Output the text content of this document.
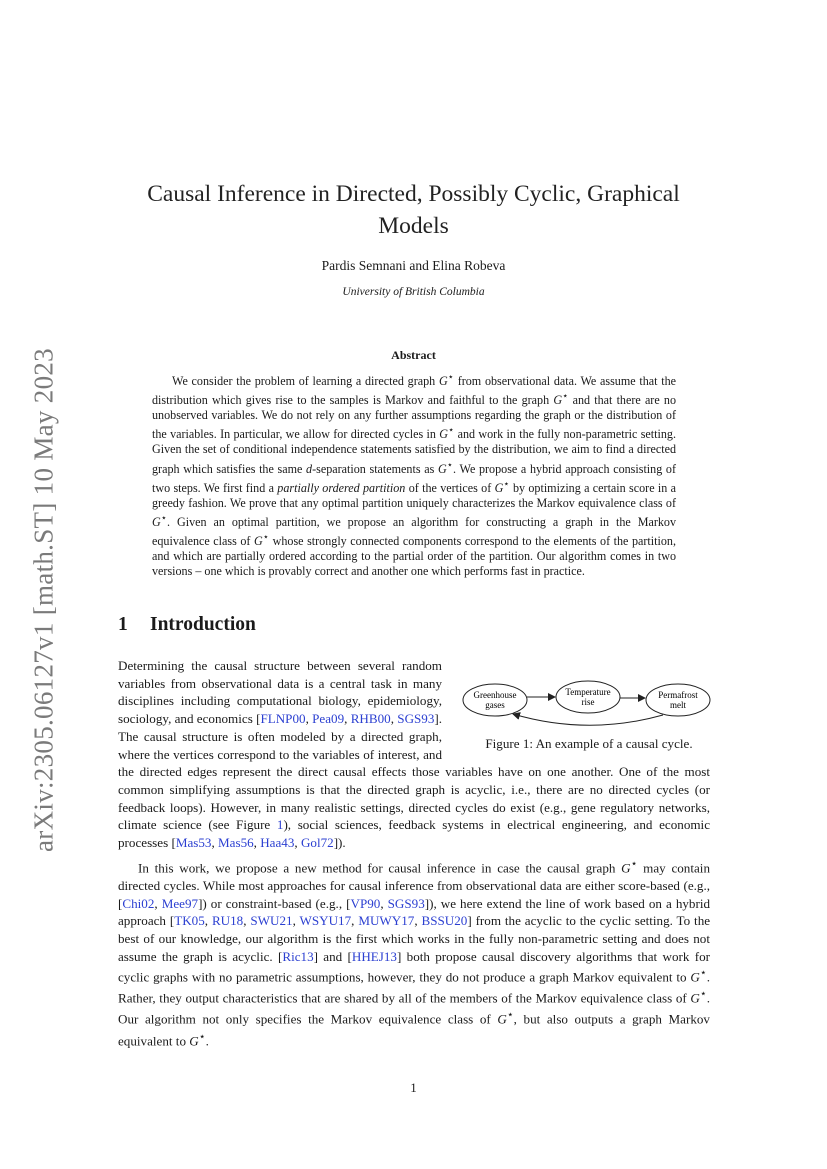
arXiv:2305.06127v1 [math.ST] 10 May 2023
Causal Inference in Directed, Possibly Cyclic, Graphical
Models
Pardis Semnani and Elina Robeva
University of British Columbia
Abstract
We consider the problem of learning a directed graph G⋆ from observational data. We assume that the distribution which gives rise to the samples is Markov and faithful to the graph G⋆ and that there are no unobserved variables. We do not rely on any further assumptions regarding the graph or the distribution of the variables. In particular, we allow for directed cycles in G⋆ and work in the fully non-parametric setting. Given the set of conditional independence statements satisfied by the distribution, we aim to find a directed graph which satisfies the same d-separation statements as G⋆. We propose a hybrid approach consisting of two steps. We first find a partially ordered partition of the vertices of G⋆ by optimizing a certain score in a greedy fashion. We prove that any optimal partition uniquely characterizes the Markov equivalence class of G⋆. Given an optimal partition, we propose an algorithm for constructing a graph in the Markov equivalence class of G⋆ whose strongly connected components correspond to the elements of the partition, and which are partially ordered according to the partial order of the partition. Our algorithm comes in two versions – one which is provably correct and another one which performs fast in practice.
1 Introduction

Determining the causal structure between several random variables from observational data is a central task in many disciplines including computational biology, epidemiology, sociology, and economics [FLNP00, Pea09, RHB00, SGS93]. The causal structure is often modeled by a directed graph, where the vertices correspond to the variables of interest, and the directed edges represent the direct causal effects those variables have on one another. One of the most common simplifying assumptions is that the directed graph is acyclic, i.e., there are no directed cycles (or feedback loops). However, in many realistic settings, directed cycles do exist (e.g., gene regulatory networks, climate science (see Figure 1), social sciences, feedback systems in electrical engineering, and economic processes [Mas53, Mas56, Haa43, Gol72]).

In this work, we propose a new method for causal inference in case the causal graph G⋆ may contain directed cycles. While most approaches for causal inference from observational data are either score-based (e.g., [Chi02, Mee97]) or constraint-based (e.g., [VP90, SGS93]), we here extend the line of work based on a hybrid approach [TK05, RU18, SWU21, WSYU17, MUWY17, BSSU20] from the acyclic to the cyclic setting. To the best of our knowledge, our algorithm is the first which works in the fully non-parametric setting and does not assume the graph is acyclic. [Ric13] and [HHEJ13] both propose causal discovery algorithms that work for cyclic graphs with no parametric assumptions, however, they do not produce a graph Markov equivalent to G⋆. Rather, they output characteristics that are shared by all of the members of the Markov equivalence class of G⋆. Our algorithm not only specifies the Markov equivalence class of G⋆, but also outputs a graph Markov equivalent to G⋆.

Greenhouse
gases
Temperature
rise
Permafrost
melt
Figure 1: An example of a causal cycle.
1
